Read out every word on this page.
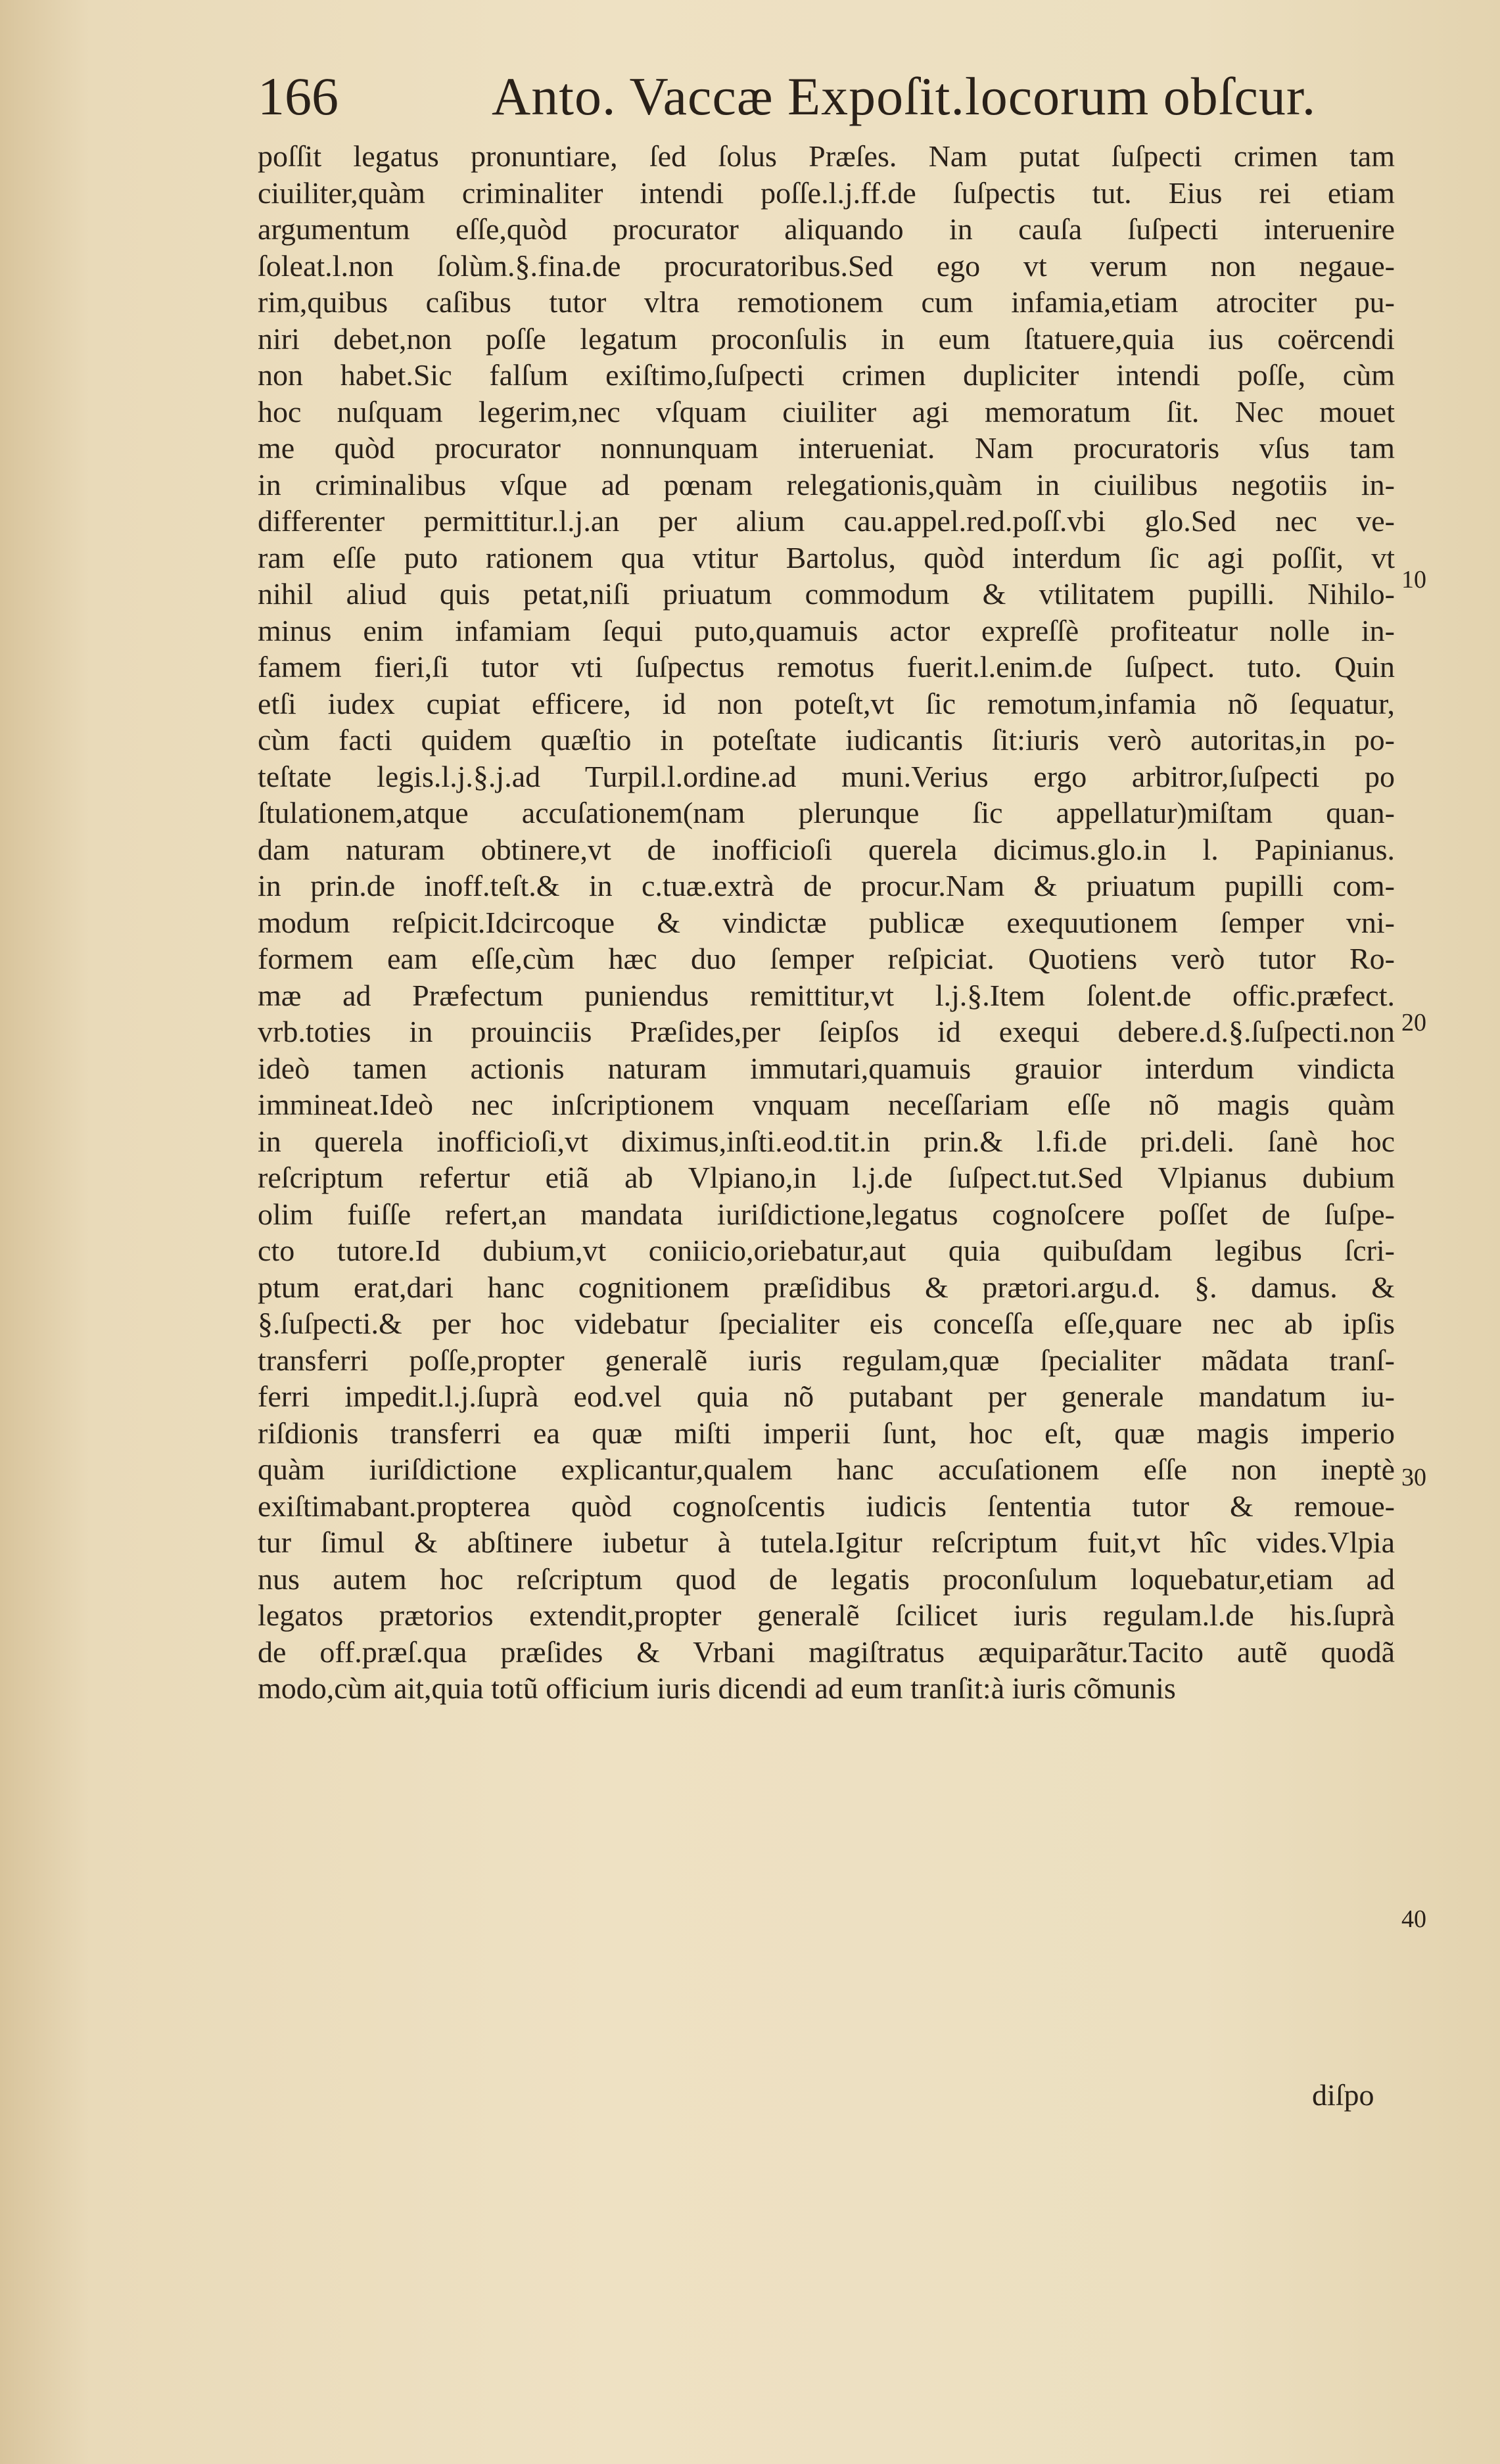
166	Anto. Vaccæ Expoſit.locorum obſcur.
poſſit legatus pronuntiare, ſed ſolus Præſes. Nam putat ſuſpecti crimen tam
ciuiliter,quàm criminaliter intendi poſſe.l.j.ff.de ſuſpectis tut. Eius rei etiam
argumentum eſſe,quòd procurator aliquando in cauſa ſuſpecti interuenire
ſoleat.l.non ſolùm.§.fina.de procuratoribus.Sed ego vt verum non negaue-
rim,quibus caſibus tutor vltra remotionem cum infamia,etiam atrociter pu-
niri debet,non poſſe legatum proconſulis in eum ſtatuere,quia ius coërcendi
non habet.Sic falſum exiſtimo,ſuſpecti crimen dupliciter intendi poſſe, cùm
hoc nuſquam legerim,nec vſquam ciuiliter agi memoratum ſit. Nec mouet
me quòd procurator nonnunquam interueniat. Nam procuratoris vſus tam
in criminalibus vſque ad pœnam relegationis,quàm in ciuilibus negotiis in-
differenter permittitur.l.j.an per alium cau.appel.red.poſſ.vbi glo.Sed nec ve-
ram eſſe puto rationem qua vtitur Bartolus, quòd interdum ſic agi poſſit, vt
nihil aliud quis petat,niſi priuatum commodum & vtilitatem pupilli. Nihilo-
minus enim infamiam ſequi puto,quamuis actor expreſſè profiteatur nolle in-
famem fieri,ſi tutor vti ſuſpectus remotus fuerit.l.enim.de ſuſpect. tuto. Quin
etſi iudex cupiat efficere, id non poteſt,vt ſic remotum,infamia nõ ſequatur,
cùm facti quidem quæſtio in poteſtate iudicantis ſit:iuris verò autoritas,in po-
teſtate legis.l.j.§.j.ad Turpil.l.ordine.ad muni.Verius ergo arbitror,ſuſpecti po
ſtulationem,atque accuſationem(nam plerunque ſic appellatur)miſtam quan-
dam naturam obtinere,vt de inofficioſi querela dicimus.glo.in l. Papinianus.
in prin.de inoff.teſt.& in c.tuæ.extrà de procur.Nam & priuatum pupilli com-
modum reſpicit.Idcircoque & vindictæ publicæ exequutionem ſemper vni-
formem eam eſſe,cùm hæc duo ſemper reſpiciat. Quotiens verò tutor Ro-
mæ ad Præfectum puniendus remittitur,vt l.j.§.Item ſolent.de offic.præfect.
vrb.toties in prouinciis Præſides,per ſeipſos id exequi debere.d.§.ſuſpecti.non
ideò tamen actionis naturam immutari,quamuis grauior interdum vindicta
immineat.Ideò nec inſcriptionem vnquam neceſſariam eſſe nõ magis quàm
in querela inofficioſi,vt diximus,inſti.eod.tit.in prin.& l.fi.de pri.deli. ſanè hoc
reſcriptum refertur etiã ab Vlpiano,in l.j.de ſuſpect.tut.Sed Vlpianus dubium
olim fuiſſe refert,an mandata iuriſdictione,legatus cognoſcere poſſet de ſuſpe-
cto tutore.Id dubium,vt coniicio,oriebatur,aut quia quibuſdam legibus ſcri-
ptum erat,dari hanc cognitionem præſidibus & prætori.argu.d. §. damus. &
§.ſuſpecti.& per hoc videbatur ſpecialiter eis conceſſa eſſe,quare nec ab ipſis
transferri poſſe,propter generalẽ iuris regulam,quæ ſpecialiter mãdata tranſ-
ferri impedit.l.j.ſuprà eod.vel quia nõ putabant per generale mandatum iu-
riſdionis transferri ea quæ miſti imperii ſunt, hoc eſt, quæ magis imperio
quàm iuriſdictione explicantur,qualem hanc accuſationem eſſe non ineptè
exiſtimabant.propterea quòd cognoſcentis iudicis ſententia tutor & remoue-
tur ſimul & abſtinere iubetur à tutela.Igitur reſcriptum fuit,vt hîc vides.Vlpia
nus autem hoc reſcriptum quod de legatis proconſulum loquebatur,etiam ad
legatos prætorios extendit,propter generalẽ ſcilicet iuris regulam.l.de his.ſuprà
de off.præſ.qua præſides & Vrbani magiſtratus æquiparãtur.Tacito autẽ quodã
modo,cùm ait,quia totũ officium iuris dicendi ad eum tranſit:à iuris cõmunis
10
20
30
40
diſpo
